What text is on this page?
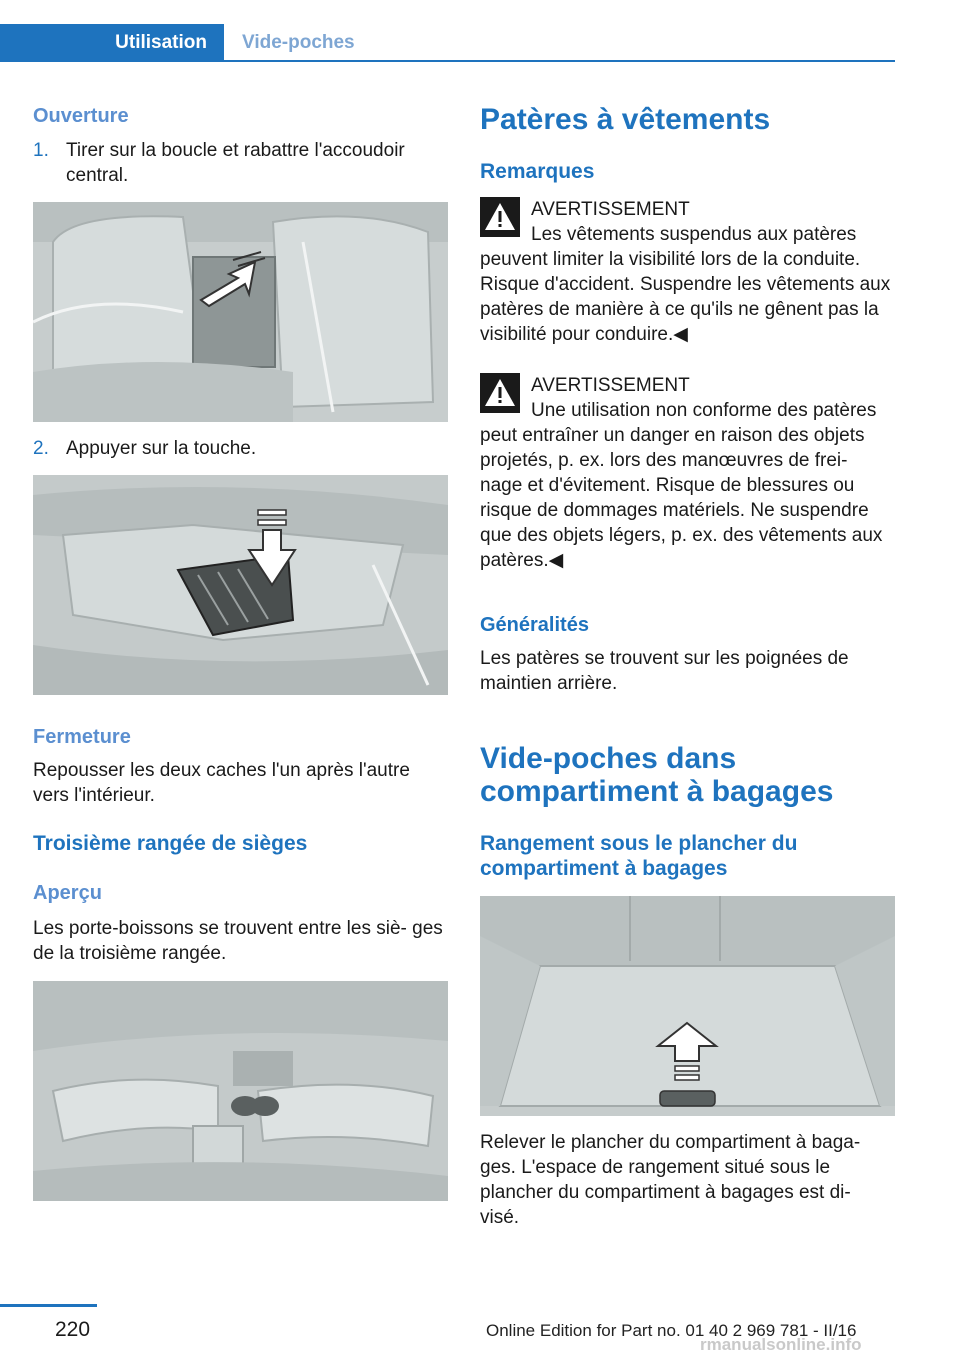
Utilisation	Vide-poches
Ouverture
1. Tirer sur la boucle et rabattre l'accoudoir central.
2. Appuyer sur la touche.
Fermeture

Repousser les deux caches l'un après l'autre vers l'intérieur.

Troisième rangée de sièges
Aperçu

Les porte-boissons se trouvent entre les siè‐ ges de la troisième rangée.

Patères à vêtements
Remarques
AVERTISSEMENT

Les vêtements suspendus aux patères peuvent limiter la visibilité lors de la conduite. Risque d'accident. Suspendre les vêtements aux patères de manière à ce qu'ils ne gênent pas la visibilité pour conduire.◀

AVERTISSEMENT

Une utilisation non conforme des patères peut entraîner un danger en raison des objets projetés, p. ex. lors des manœuvres de frei‐ nage et d'évitement. Risque de blessures ou risque de dommages matériels. Ne suspendre que des objets légers, p. ex. des vêtements aux patères.◀

Généralités

Les patères se trouvent sur les poignées de maintien arrière.

Vide-poches dans compartiment à bagages
Rangement sous le plancher du compartiment à bagages

Relever le plancher du compartiment à baga‐ ges. L'espace de rangement situé sous le plancher du compartiment à bagages est di‐ visé.

220	Online Edition for Part no. 01 40 2 969 781 - II/16
rmanualsonline.info
